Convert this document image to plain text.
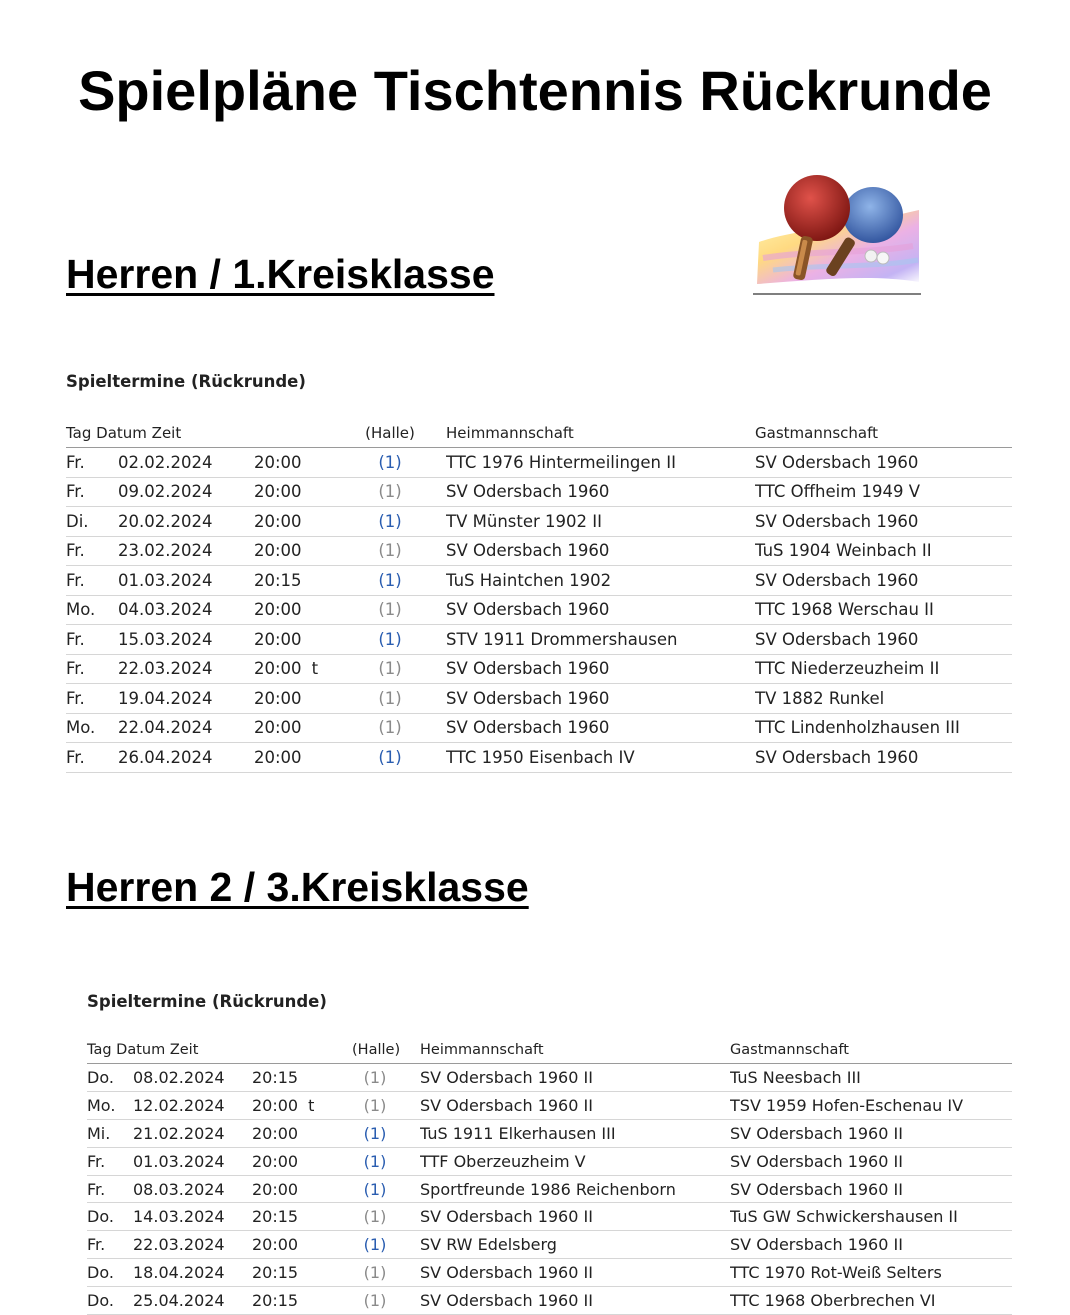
Spielpläne Tischtennis Rückrunde
Herren / 1.Kreisklasse
Spieltermine (Rückrunde)
Tag Datum Zeit			(Halle)		Heimmannschaft	Gastmannschaft
Fr.	02.02.2024	20:00	(1)		TTC 1976 Hintermeilingen II	SV Odersbach 1960
Fr.	09.02.2024	20:00	(1)		SV Odersbach 1960	TTC Offheim 1949 V
Di.	20.02.2024	20:00	(1)		TV Münster 1902 II	SV Odersbach 1960
Fr.	23.02.2024	20:00	(1)		SV Odersbach 1960	TuS 1904 Weinbach II
Fr.	01.03.2024	20:15	(1)		TuS Haintchen 1902	SV Odersbach 1960
Mo.	04.03.2024	20:00	(1)		SV Odersbach 1960	TTC 1968 Werschau II
Fr.	15.03.2024	20:00	(1)		STV 1911 Drommershausen	SV Odersbach 1960
Fr.	22.03.2024	20:00 t	(1)		SV Odersbach 1960	TTC Niederzeuzheim II
Fr.	19.04.2024	20:00	(1)		SV Odersbach 1960	TV 1882 Runkel
Mo.	22.04.2024	20:00	(1)		SV Odersbach 1960	TTC Lindenholzhausen III
Fr.	26.04.2024	20:00	(1)		TTC 1950 Eisenbach IV	SV Odersbach 1960
Herren 2 / 3.Kreisklasse
Spieltermine (Rückrunde)
Tag Datum Zeit			(Halle)		Heimmannschaft	Gastmannschaft
Do.	08.02.2024	20:15	(1)		SV Odersbach 1960 II	TuS Neesbach III
Mo.	12.02.2024	20:00 t	(1)		SV Odersbach 1960 II	TSV 1959 Hofen-Eschenau IV
Mi.	21.02.2024	20:00	(1)		TuS 1911 Elkerhausen III	SV Odersbach 1960 II
Fr.	01.03.2024	20:00	(1)		TTF Oberzeuzheim V	SV Odersbach 1960 II
Fr.	08.03.2024	20:00	(1)		Sportfreunde 1986 Reichenborn	SV Odersbach 1960 II
Do.	14.03.2024	20:15	(1)		SV Odersbach 1960 II	TuS GW Schwickershausen II
Fr.	22.03.2024	20:00	(1)		SV RW Edelsberg	SV Odersbach 1960 II
Do.	18.04.2024	20:15	(1)		SV Odersbach 1960 II	TTC 1970 Rot-Weiß Selters
Do.	25.04.2024	20:15	(1)		SV Odersbach 1960 II	TTC 1968 Oberbrechen VI
